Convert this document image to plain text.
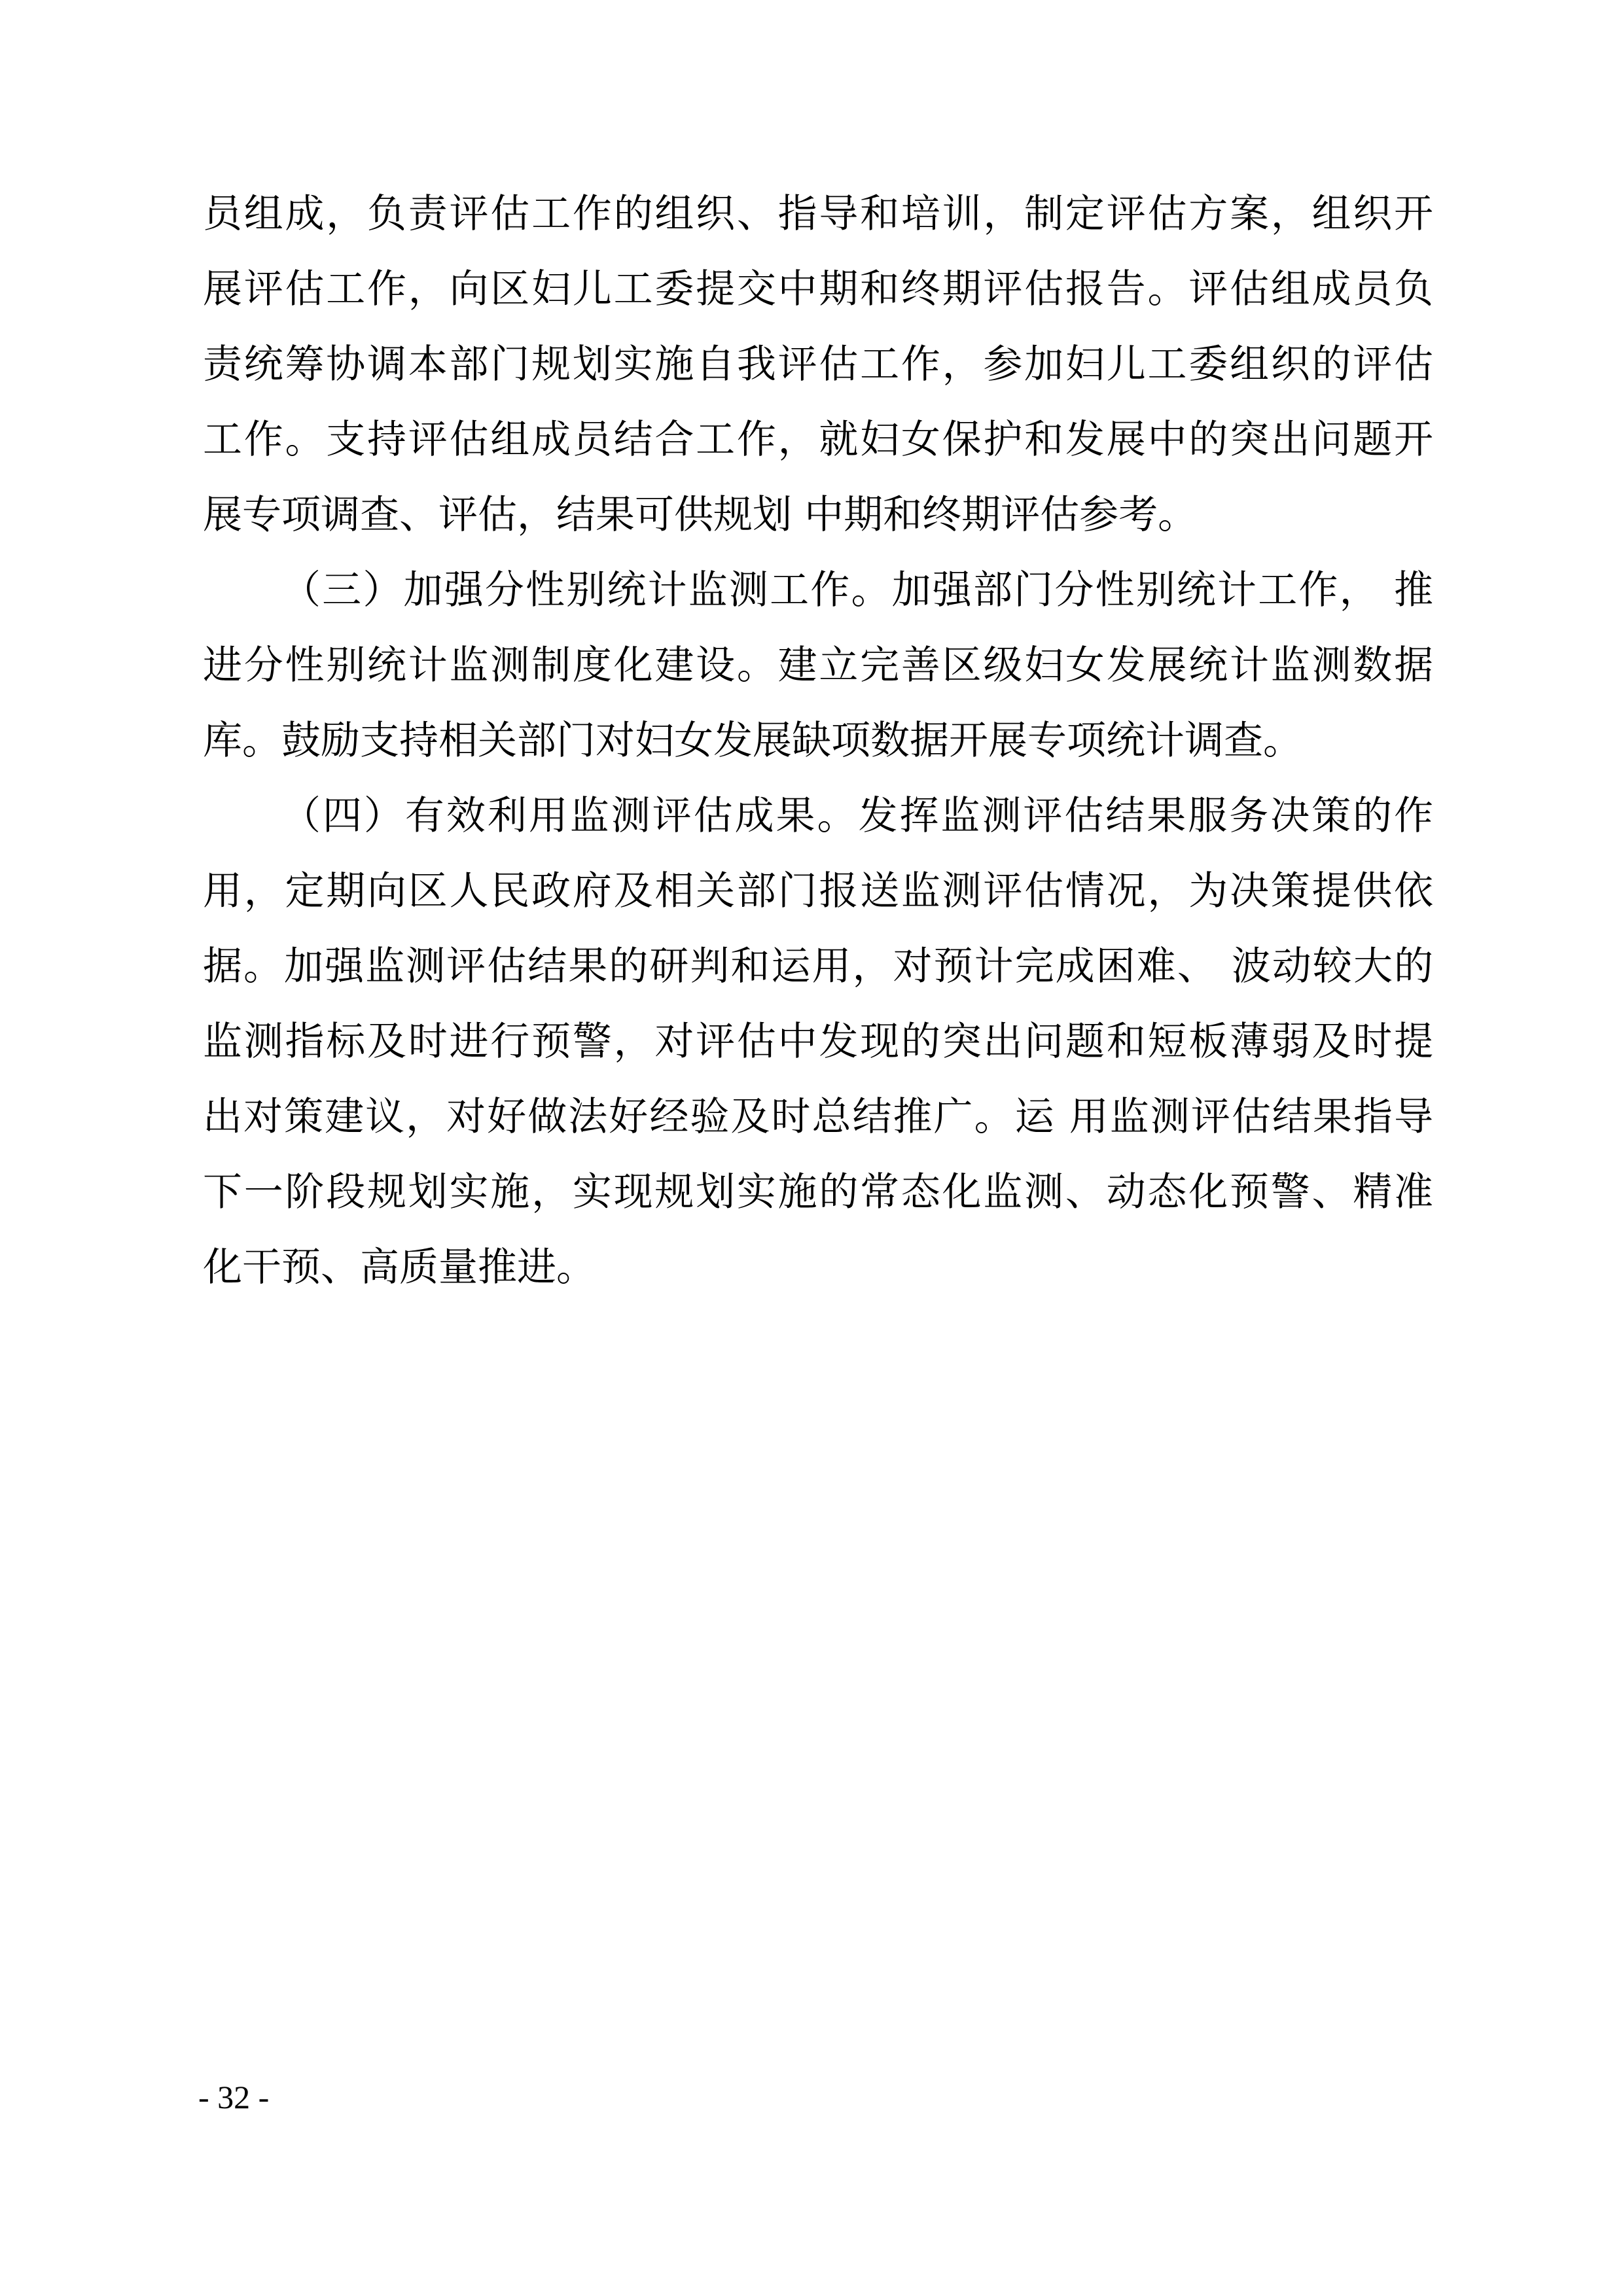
员组成，负责评估工作的组织、指导和培训，制定评估方案，组织开
展评估工作，向区妇儿工委提交中期和终期评估报告。评估组成员负
责统筹协调本部门规划实施自我评估工作，参加妇儿工委组织的评估
工作。支持评估组成员结合工作，就妇女保护和发展中的突出问题开
展专项调查、评估，结果可供规划 中期和终期评估参考。
（三）加强分性别统计监测工作。加强部门分性别统计工作， 推
进分性别统计监测制度化建设。建立完善区级妇女发展统计监测数据
库。鼓励支持相关部门对妇女发展缺项数据开展专项统计调查。
（四）有效利用监测评估成果。发挥监测评估结果服务决策的作
用，定期向区人民政府及相关部门报送监测评估情况，为决策提供依
据。加强监测评估结果的研判和运用，对预计完成困难、 波动较大的
监测指标及时进行预警，对评估中发现的突出问题和短板薄弱及时提
出对策建议，对好做法好经验及时总结推广。运 用监测评估结果指导
下一阶段规划实施，实现规划实施的常态化监测、动态化预警、精准
化干预、高质量推进。
- 32 -
